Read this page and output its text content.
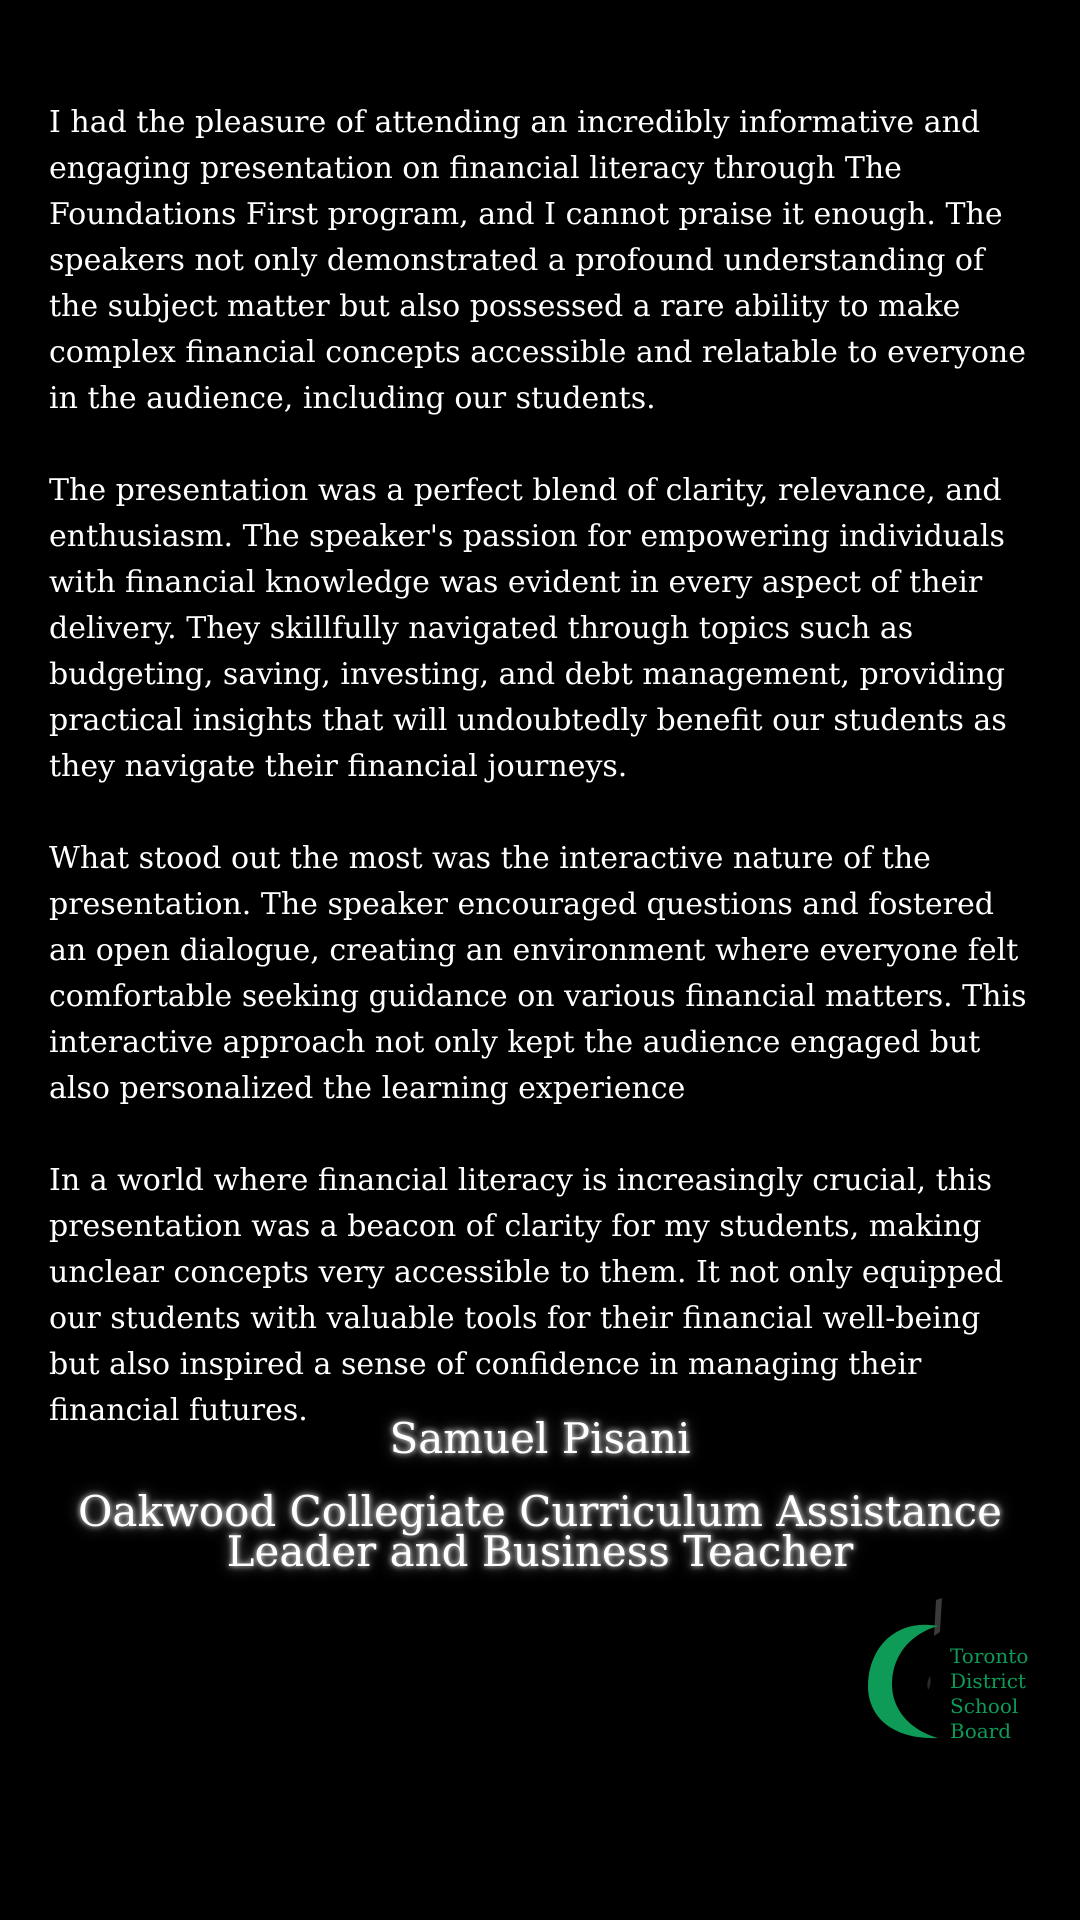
I had the pleasure of attending an incredibly informative and engaging presentation on financial literacy through The Foundations First program, and I cannot praise it enough. The speakers not only demonstrated a profound understanding of the subject matter but also possessed a rare ability to make complex financial concepts accessible and relatable to everyone in the audience, including our students.

The presentation was a perfect blend of clarity, relevance, and enthusiasm. The speaker's passion for empowering individuals with financial knowledge was evident in every aspect of their delivery. They skillfully navigated through topics such as budgeting, saving, investing, and debt management, providing practical insights that will undoubtedly benefit our students as they navigate their financial journeys.

What stood out the most was the interactive nature of the presentation. The speaker encouraged questions and fostered an open dialogue, creating an environment where everyone felt comfortable seeking guidance on various financial matters. This interactive approach not only kept the audience engaged but also personalized the learning experience

In a world where financial literacy is increasingly crucial, this presentation was a beacon of clarity for my students, making unclear concepts very accessible to them. It not only equipped our students with valuable tools for their financial well-being but also inspired a sense of confidence in managing their financial futures.

Samuel Pisani
Oakwood Collegiate Curriculum Assistance Leader and Business Teacher
Toronto
District
School
Board
